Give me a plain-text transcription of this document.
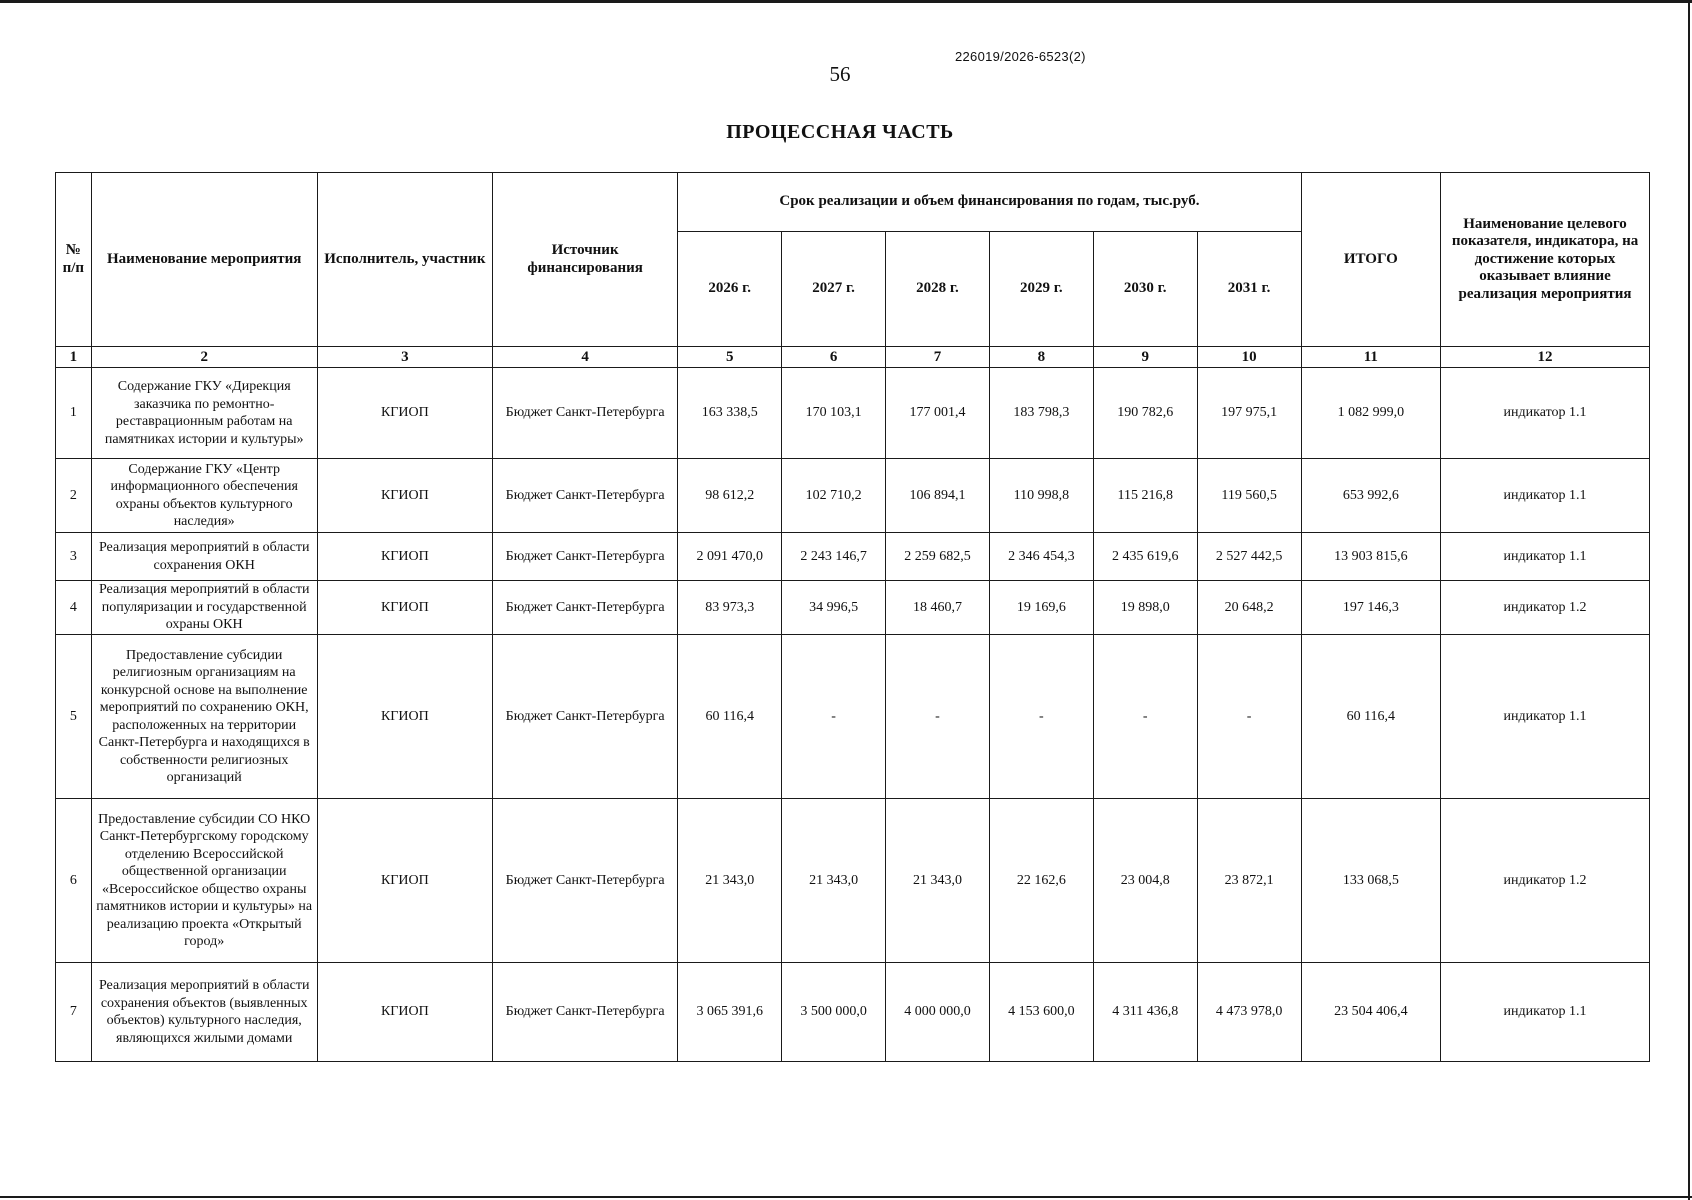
226019/2026-6523(2)
56
ПРОЦЕССНАЯ ЧАСТЬ
№ п/п	Наименование мероприятия	Исполнитель, участник	Источник финансирования	Срок реализации и объем финансирования по годам, тыс.руб.						ИТОГО	Наименование целевого показателя, индикатора, на достижение которых оказывает влияние реализация мероприятия
				2026 г.	2027 г.	2028 г.	2029 г.	2030 г.	2031 г.		
1	2	3	4	5	6	7	8	9	10	11	12
1	Содержание ГКУ «Дирекция заказчика по ремонтно-реставрационным работам на памятниках истории и культуры»	КГИОП	Бюджет Санкт-Петербурга	163 338,5	170 103,1	177 001,4	183 798,3	190 782,6	197 975,1	1 082 999,0	индикатор 1.1
2	Содержание ГКУ «Центр информационного обеспечения охраны объектов культурного наследия»	КГИОП	Бюджет Санкт-Петербурга	98 612,2	102 710,2	106 894,1	110 998,8	115 216,8	119 560,5	653 992,6	индикатор 1.1
3	Реализация мероприятий в области сохранения ОКН	КГИОП	Бюджет Санкт-Петербурга	2 091 470,0	2 243 146,7	2 259 682,5	2 346 454,3	2 435 619,6	2 527 442,5	13 903 815,6	индикатор 1.1
4	Реализация мероприятий в области популяризации и государственной охраны ОКН	КГИОП	Бюджет Санкт-Петербурга	83 973,3	34 996,5	18 460,7	19 169,6	19 898,0	20 648,2	197 146,3	индикатор 1.2
5	Предоставление субсидии религиозным организациям на конкурсной основе на выполнение мероприятий по сохранению ОКН, расположенных на территории Санкт-Петербурга и находящихся в собственности религиозных организаций	КГИОП	Бюджет Санкт-Петербурга	60 116,4	-	-	-	-	-	60 116,4	индикатор 1.1
6	Предоставление субсидии СО НКО Санкт-Петербургскому городскому отделению Всероссийской общественной организации «Всероссийское общество охраны памятников истории и культуры» на реализацию проекта «Открытый город»	КГИОП	Бюджет Санкт-Петербурга	21 343,0	21 343,0	21 343,0	22 162,6	23 004,8	23 872,1	133 068,5	индикатор 1.2
7	Реализация мероприятий в области сохранения объектов (выявленных объектов) культурного наследия, являющихся жилыми домами	КГИОП	Бюджет Санкт-Петербурга	3 065 391,6	3 500 000,0	4 000 000,0	4 153 600,0	4 311 436,8	4 473 978,0	23 504 406,4	индикатор 1.1
